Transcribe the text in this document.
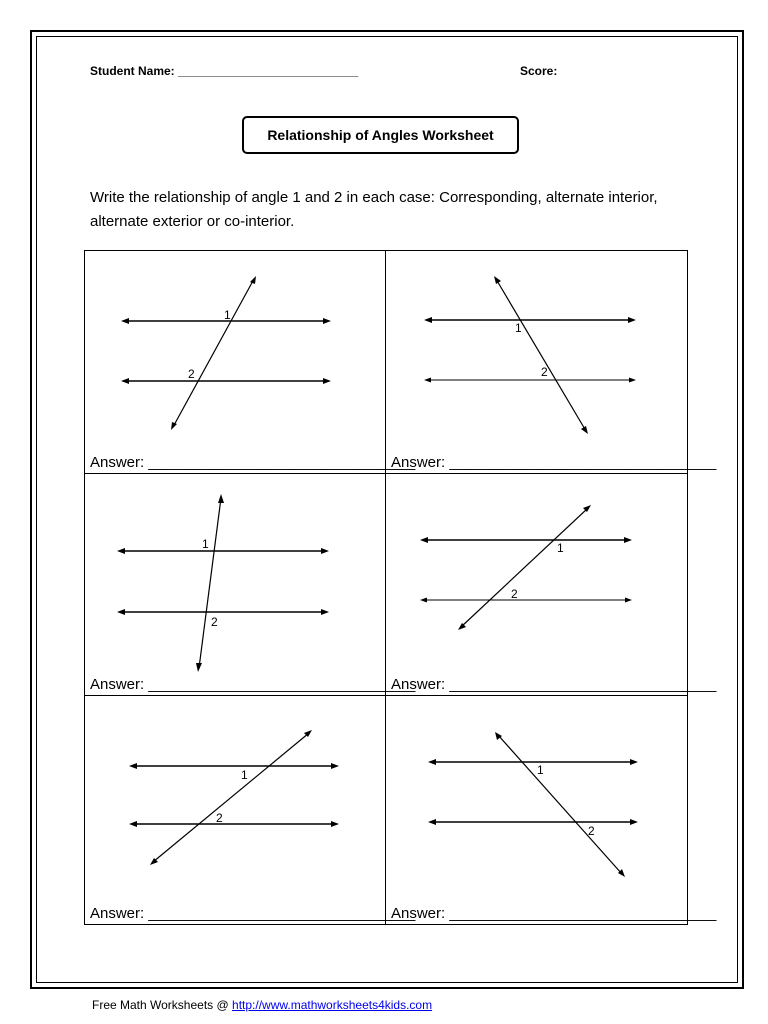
Student Name: ___________________________	Score:
Relationship of Angles Worksheet
Write the relationship of angle 1 and 2 in each case: Corresponding, alternate interior, alternate exterior or co-interior.
1
2
Answer: ________________________________
1
2
Answer: ________________________________
1
2
Answer: ________________________________
1
2
Answer: ________________________________
1
2
Answer: ________________________________
1
2
Answer: ________________________________
Free Math Worksheets @ http://www.mathworksheets4kids.com
